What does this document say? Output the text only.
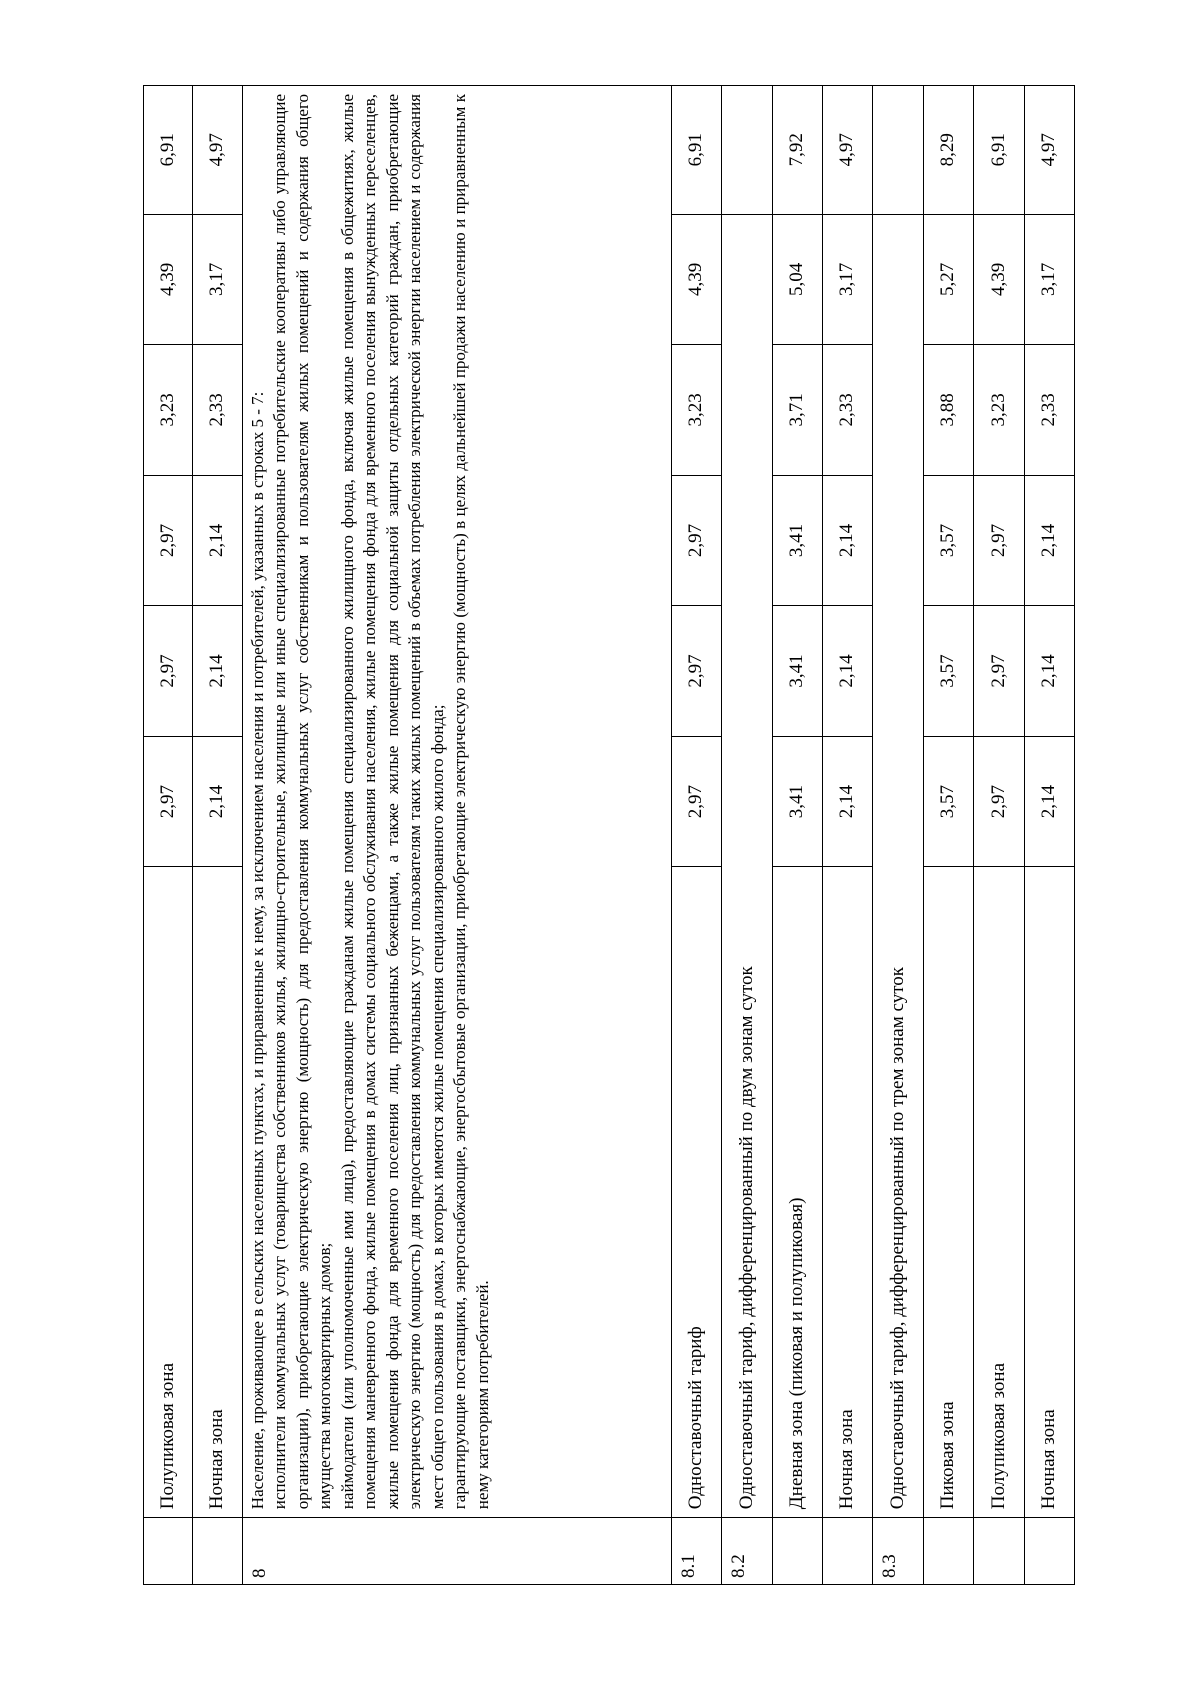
	Полупиковая зона	2,97	2,97	2,97	3,23	4,39	6,91
	Ночная зона	2,14	2,14	2,14	2,33	3,17	4,97
8	Население, проживающее в сельских населенных пунктах, и приравненные к нему, за исключением населения и потребителей, указанных в строках 5 - 7: исполнители коммунальных услуг (товарищества собственников жилья, жилищно-строительные, жилищные или иные специализированные потребительские кооперативы либо управляющие организации), приобретающие электрическую энергию (мощность) для предоставления коммунальных услуг собственникам и пользователям жилых помещений и содержания общего имущества многоквартирных домов; наймодатели (или уполномоченные ими лица), предоставляющие гражданам жилые помещения специализированного жилищного фонда, включая жилые помещения в общежитиях, жилые помещения маневренного фонда, жилые помещения в домах системы социального обслуживания населения, жилые помещения фонда для временного поселения вынужденных переселенцев, жилые помещения фонда для временного поселения лиц, признанных беженцами, а также жилые помещения для социальной защиты отдельных категорий граждан, приобретающие электрическую энергию (мощность) для предоставления коммунальных услуг пользователям таких жилых помещений в объемах потребления электрической энергии населением и содержания мест общего пользования в домах, в которых имеются жилые помещения специализированного жилого фонда; гарантирующие поставщики, энергоснабжающие, энергосбытовые организации, приобретающие электрическую энергию (мощность) в целях дальнейшей продажи населению и приравненным к нему категориям потребителей.						

8.1	Одноставочный тариф	2,97	2,97	2,97	3,23	4,39	6,91
8.2	Одноставочный тариф, дифференцированный по двум зонам суток						
	Дневная зона (пиковая и полупиковая)	3,41	3,41	3,41	3,71	5,04	7,92
	Ночная зона	2,14	2,14	2,14	2,33	3,17	4,97
8.3	Одноставочный тариф, дифференцированный по трем зонам суток						
	Пиковая зона	3,57	3,57	3,57	3,88	5,27	8,29
	Полупиковая зона	2,97	2,97	2,97	3,23	4,39	6,91
	Ночная зона	2,14	2,14	2,14	2,33	3,17	4,97
